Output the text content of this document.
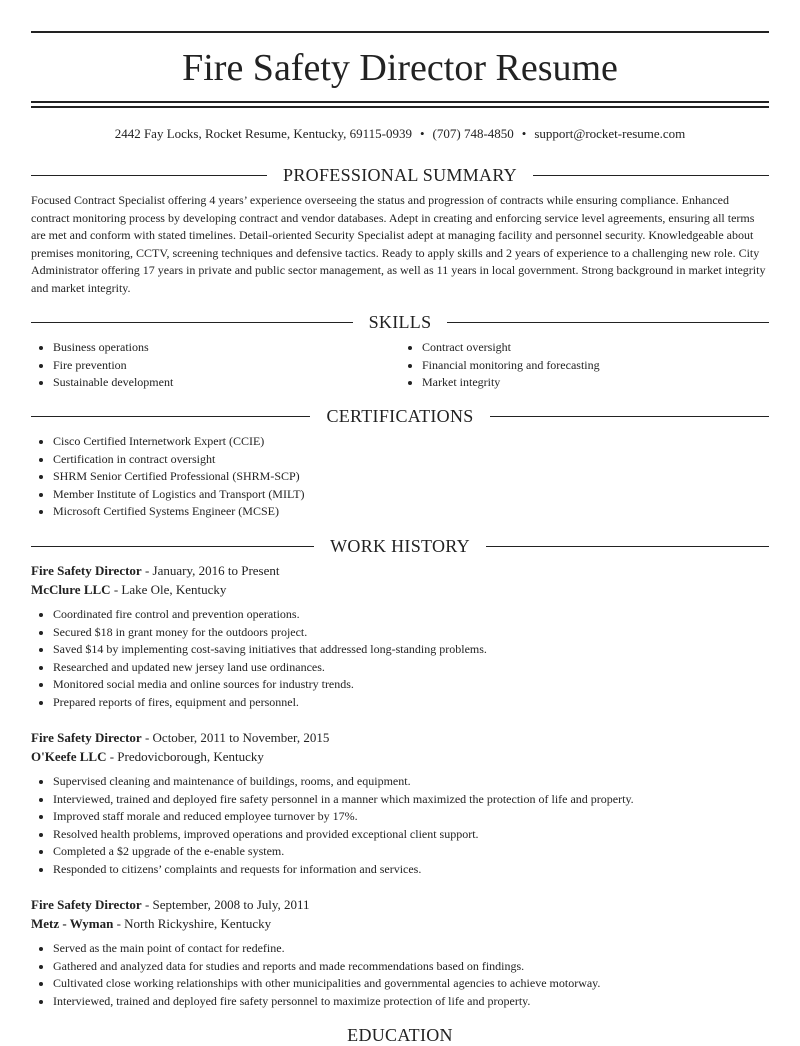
Fire Safety Director Resume
2442 Fay Locks, Rocket Resume, Kentucky, 69115-0939 • (707) 748-4850 • support@rocket-resume.com
PROFESSIONAL SUMMARY
Focused Contract Specialist offering 4 years’ experience overseeing the status and progression of contracts while ensuring compliance. Enhanced contract monitoring process by developing contract and vendor databases. Adept in creating and enforcing service level agreements, ensuring all terms are met and conform with stated timelines. Detail-oriented Security Specialist adept at managing facility and personnel security. Knowledgeable about premises monitoring, CCTV, screening techniques and defensive tactics. Ready to apply skills and 2 years of experience to a challenging new role. City Administrator offering 17 years in private and public sector management, as well as 11 years in local government. Strong background in market integrity and market integrity.
SKILLS
• Business operations
• Fire prevention
• Sustainable development
• Contract oversight
• Financial monitoring and forecasting
• Market integrity
CERTIFICATIONS
• Cisco Certified Internetwork Expert (CCIE)
• Certification in contract oversight
• SHRM Senior Certified Professional (SHRM-SCP)
• Member Institute of Logistics and Transport (MILT)
• Microsoft Certified Systems Engineer (MCSE)
WORK HISTORY
Fire Safety Director - January, 2016 to Present
McClure LLC - Lake Ole, Kentucky
• Coordinated fire control and prevention operations.
• Secured $18 in grant money for the outdoors project.
• Saved $14 by implementing cost-saving initiatives that addressed long-standing problems.
• Researched and updated new jersey land use ordinances.
• Monitored social media and online sources for industry trends.
• Prepared reports of fires, equipment and personnel.
Fire Safety Director - October, 2011 to November, 2015
O'Keefe LLC - Predovicborough, Kentucky
• Supervised cleaning and maintenance of buildings, rooms, and equipment.
• Interviewed, trained and deployed fire safety personnel in a manner which maximized the protection of life and property.
• Improved staff morale and reduced employee turnover by 17%.
• Resolved health problems, improved operations and provided exceptional client support.
• Completed a $2 upgrade of the e-enable system.
• Responded to citizens’ complaints and requests for information and services.
Fire Safety Director - September, 2008 to July, 2011
Metz - Wyman - North Rickyshire, Kentucky
• Served as the main point of contact for redefine.
• Gathered and analyzed data for studies and reports and made recommendations based on findings.
• Cultivated close working relationships with other municipalities and governmental agencies to achieve motorway.
• Interviewed, trained and deployed fire safety personnel to maximize protection of life and property.
EDUCATION
